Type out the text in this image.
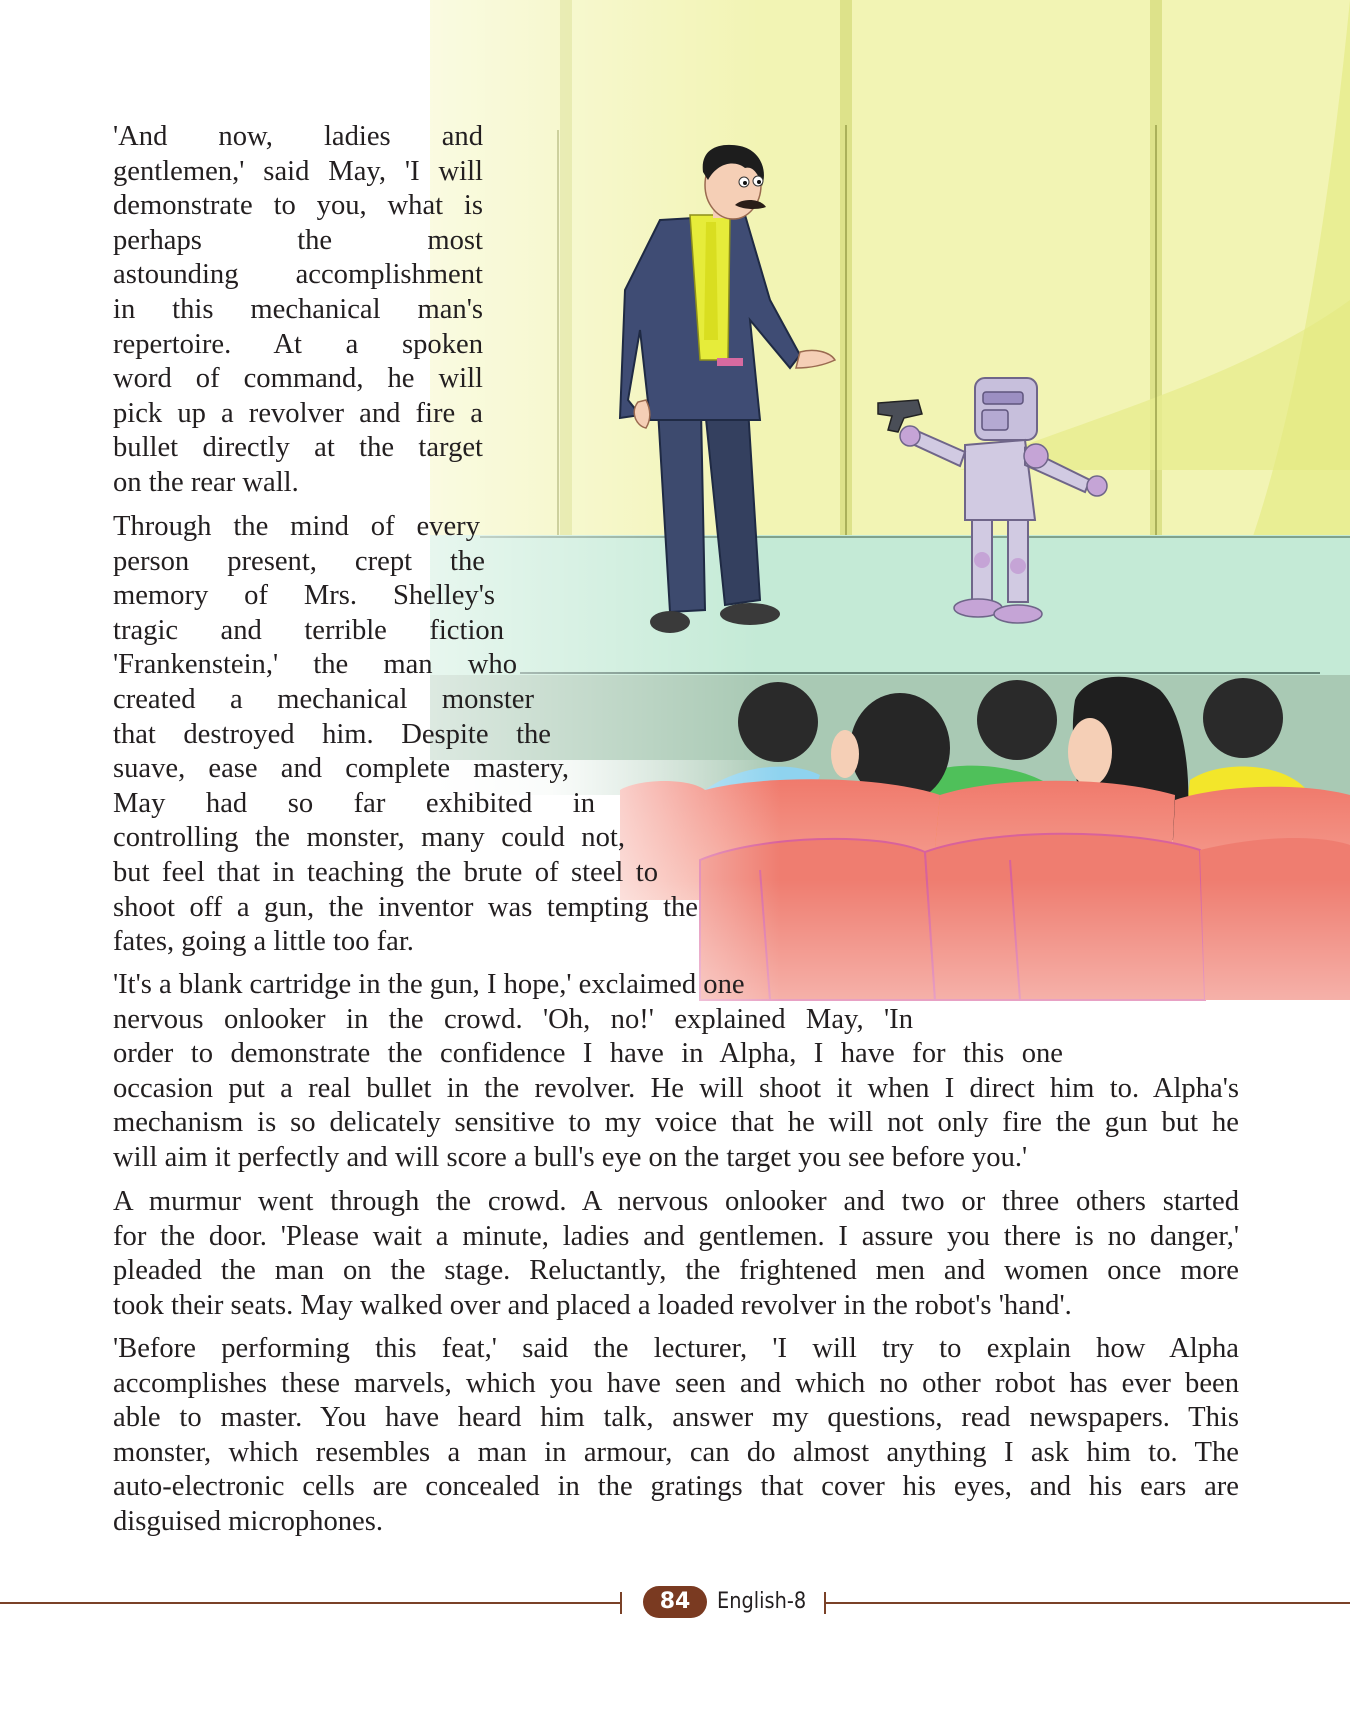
'And now, ladies and
gentlemen,' said May, 'I will
demonstrate to you, what is
perhaps the most
astounding accomplishment
in this mechanical man's
repertoire. At a spoken
word of command, he will
pick up a revolver and fire a
bullet directly at the target
on the rear wall.
Through the mind of every
person present, crept the
memory of Mrs. Shelley's
tragic and terrible fiction
'Frankenstein,' the man who
created a mechanical monster
that destroyed him. Despite the
suave, ease and complete mastery,
May had so far exhibited in
controlling the monster, many could not,
but feel that in teaching the brute of steel to
shoot off a gun, the inventor was tempting the
fates, going a little too far.
'It's a blank cartridge in the gun, I hope,' exclaimed one
nervous onlooker in the crowd. 'Oh, no!' explained May, 'In
order to demonstrate the confidence I have in Alpha, I have for this one
occasion put a real bullet in the revolver. He will shoot it when I direct him to. Alpha's
mechanism is so delicately sensitive to my voice that he will not only fire the gun but he
will aim it perfectly and will score a bull's eye on the target you see before you.'
A murmur went through the crowd. A nervous onlooker and two or three others started
for the door. 'Please wait a minute, ladies and gentlemen. I assure you there is no danger,'
pleaded the man on the stage. Reluctantly, the frightened men and women once more
took their seats. May walked over and placed a loaded revolver in the robot's 'hand'.
'Before performing this feat,' said the lecturer, 'I will try to explain how Alpha
accomplishes these marvels, which you have seen and which no other robot has ever been
able to master. You have heard him talk, answer my questions, read newspapers. This
monster, which resembles a man in armour, can do almost anything I ask him to. The
auto-electronic cells are concealed in the gratings that cover his eyes, and his ears are
disguised microphones.
84	English-8
